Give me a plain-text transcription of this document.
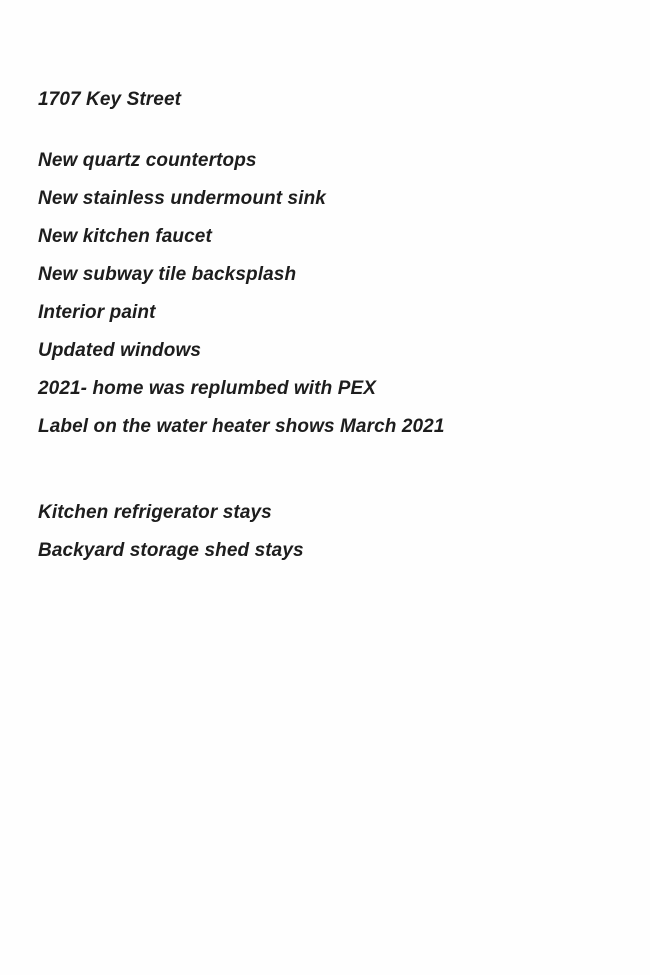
1707 Key Street

New quartz countertops

New stainless undermount sink

New kitchen faucet

New subway tile backsplash

Interior paint

Updated windows

2021- home was replumbed with PEX

Label on the water heater shows March 2021

Kitchen refrigerator stays

Backyard storage shed stays
